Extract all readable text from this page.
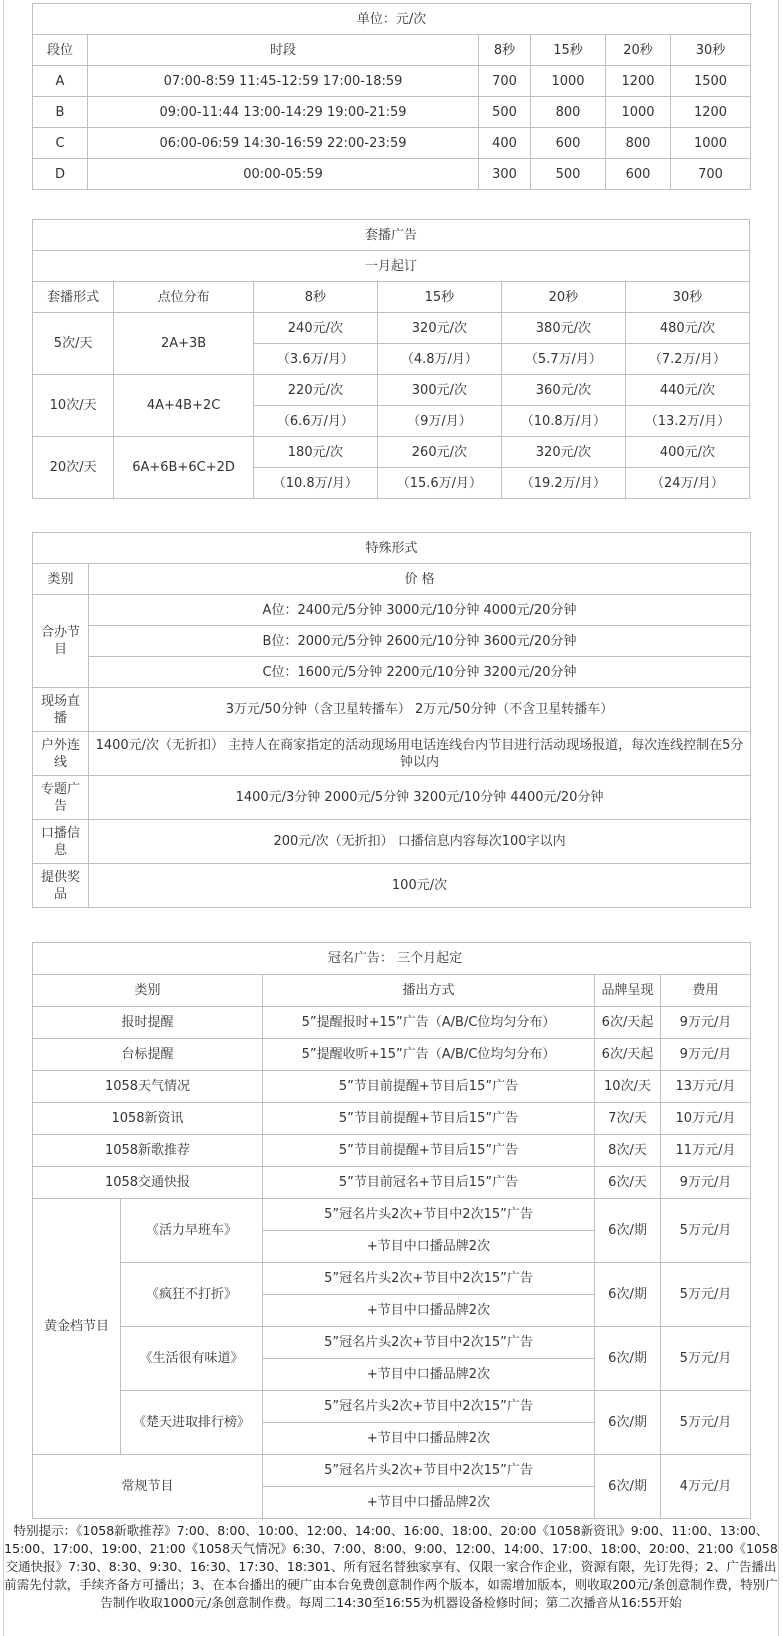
单位：元/次					
段位	时段	8秒	15秒	20秒	30秒
A	07:00-8:59 11:45-12:59 17:00-18:59	700	1000	1200	1500
B	09:00-11:44 13:00-14:29 19:00-21:59	500	800	1000	1200
C	06:00-06:59 14:30-16:59 22:00-23:59	400	600	800	1000
D	00:00-05:59	300	500	600	700
套播广告					
一月起订					
套播形式	点位分布	8秒	15秒	20秒	30秒
5次/天	2A+3B	240元/次	320元/次	380元/次	480元/次
		（3.6万/月）	（4.8万/月）	（5.7万/月）	（7.2万/月）
10次/天	4A+4B+2C	220元/次	300元/次	360元/次	440元/次
		（6.6万/月）	（9万/月）	（10.8万/月）	（13.2万/月）
20次/天	6A+6B+6C+2D	180元/次	260元/次	320元/次	400元/次
		（10.8万/月）	（15.6万/月）	（19.2万/月）	（24万/月）
特殊形式	
类别	价 格
合办节目	A位：2400元/5分钟 3000元/10分钟 4000元/20分钟
	B位：2000元/5分钟 2600元/10分钟 3600元/20分钟
	C位：1600元/5分钟 2200元/10分钟 3200元/20分钟
现场直播	3万元/50分钟（含卫星转播车） 2万元/50分钟（不含卫星转播车）
户外连线	1400元/次（无折扣） 主持人在商家指定的活动现场用电话连线台内节目进行活动现场报道，每次连线控制在5分钟以内
专题广告	1400元/3分钟 2000元/5分钟 3200元/10分钟 4400元/20分钟
口播信息	200元/次（无折扣） 口播信息内容每次100字以内
提供奖品	100元/次
冠名广告： 三个月起定				
类别		播出方式	品牌呈现	费用
报时提醒		5”提醒报时+15”广告（A/B/C位均匀分布）	6次/天起	9万元/月
台标提醒		5”提醒收听+15”广告（A/B/C位均匀分布）	6次/天起	9万元/月
1058天气情况		5”节目前提醒+节目后15”广告	10次/天	13万元/月
1058新资讯		5”节目前提醒+节目后15”广告	7次/天	10万元/月
1058新歌推荐		5”节目前提醒+节目后15”广告	8次/天	11万元/月
1058交通快报		5”节目前冠名+节目后15”广告	6次/天	9万元/月
黄金档节目	《活力早班车》	5”冠名片头2次+节目中2次15”广告	6次/期	5万元/月
		+节目中口播品牌2次		
	《疯狂不打折》	5”冠名片头2次+节目中2次15”广告	6次/期	5万元/月
		+节目中口播品牌2次		
	《生活很有味道》	5”冠名片头2次+节目中2次15”广告	6次/期	5万元/月
		+节目中口播品牌2次		
	《楚天进取排行榜》	5”冠名片头2次+节目中2次15”广告	6次/期	5万元/月
		+节目中口播品牌2次		
常规节目		5”冠名片头2次+节目中2次15”广告	6次/期	4万元/月
		+节目中口播品牌2次		
特别提示：《1058新歌推荐》7:00、8:00、10:00、12:00、14:00、16:00、18:00、20:00《1058新资讯》9:00、11:00、13:00、15:00、17:00、19:00、21:00《1058天气情况》6:30、7:00、8:00、9:00、12:00、14:00、17:00、18:00、20:00、21:00《1058交通快报》7:30、8:30、9:30、16:30、17:30、18:301、所有冠名替独家享有、仅限一家合作企业，资源有限，先订先得；2、广告播出前需先付款，手续齐备方可播出；3、在本台播出的硬广由本台免费创意制作两个版本，如需增加版本，则收取200元/条创意制作费，特别广告制作收取1000元/条创意制作费。每周二14:30至16:55为机器设备检修时间；第二次播音从16:55开始
